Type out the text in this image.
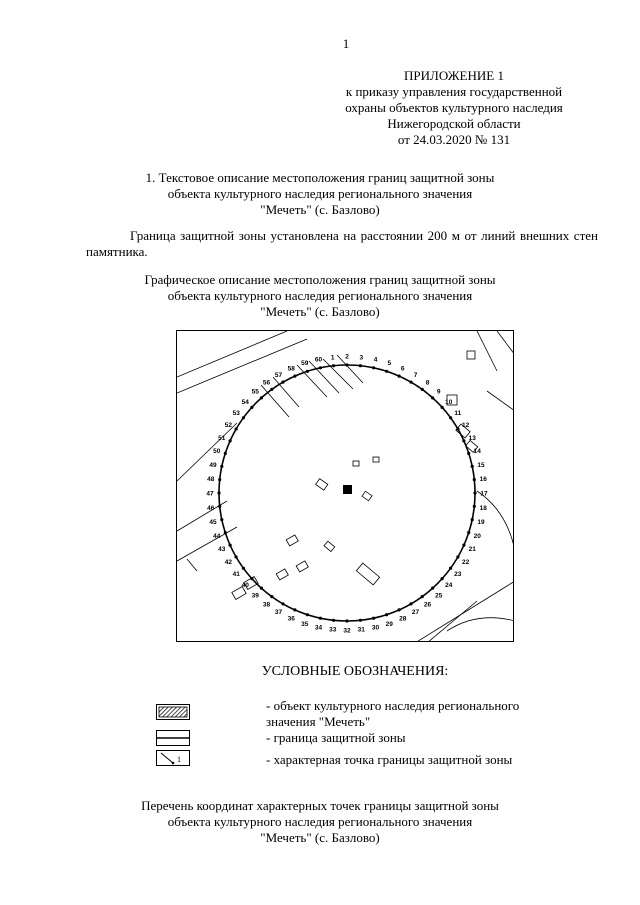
1
ПРИЛОЖЕНИЕ 1
к приказу управления государственной
охраны объектов культурного наследия
Нижегородской области
от 24.03.2020 № 131
1. Текстовое описание местоположения границ защитной зоны
объекта культурного наследия регионального значения
"Мечеть" (с. Базлово)
Граница защитной зоны установлена на расстоянии 200 м от линий внешних стен
памятника.
Графическое описание местоположения границ защитной зоны
объекта культурного наследия регионального значения
"Мечеть" (с. Базлово)
1 2 3 4
5
6
7
8
9
10
11
12
13
14
15
16
17
18
19
20
21
22
23
24
25
26
27
28
29
30
31
32
33
34
35
36
37
38
39
40
41
42
43
44
45
46
47
48
49
50
51
52
53
54
55
56
57
58
59
60
УСЛОВНЫЕ ОБОЗНАЧЕНИЯ:
- объект культурного наследия регионального
значения "Мечеть"
- граница защитной зоны
1	- характерная точка границы защитной зоны
Перечень координат характерных точек границы защитной зоны
объекта культурного наследия регионального значения
"Мечеть" (с. Базлово)
